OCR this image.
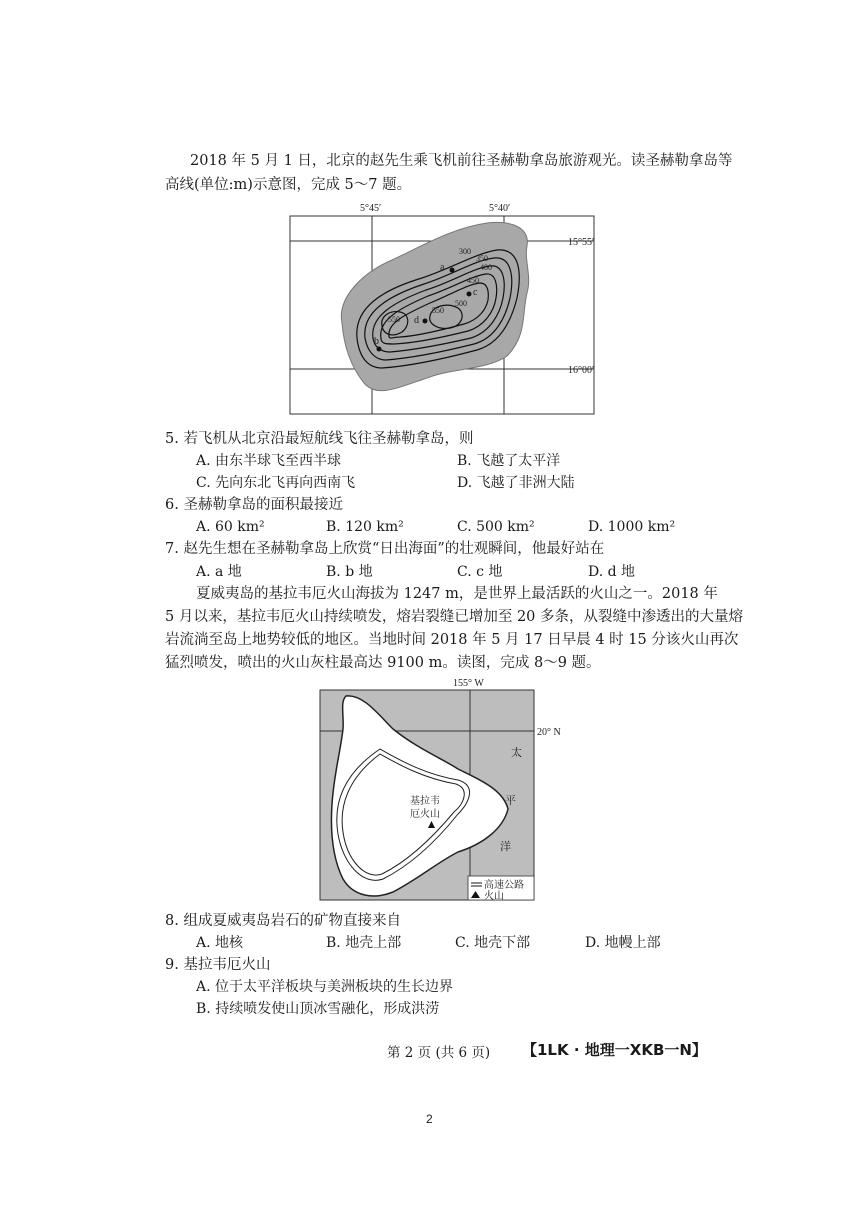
2018 年 5 月 1 日，北京的赵先生乘飞机前往圣赫勒拿岛旅游观光。读圣赫勒拿岛等
高线(单位:m)示意图，完成 5～7 题。
5°45′	5°40′
15°55′
16°00′
300
350
400
450
500
550
550
a
b
c
d
5. 若飞机从北京沿最短航线飞往圣赫勒拿岛，则
A. 由东半球飞至西半球	B. 飞越了太平洋
C. 先向东北飞再向西南飞	D. 飞越了非洲大陆
6. 圣赫勒拿岛的面积最接近
A. 60 km²	B. 120 km²	C. 500 km²	D. 1000 km²
7. 赵先生想在圣赫勒拿岛上欣赏“日出海面”的壮观瞬间，他最好站在
A. a 地	B. b 地	C. c 地	D. d 地
夏威夷岛的基拉韦厄火山海拔为 1247 m，是世界上最活跃的火山之一。2018 年
5 月以来，基拉韦厄火山持续喷发，熔岩裂缝已增加至 20 多条，从裂缝中渗透出的大量熔
岩流淌至岛上地势较低的地区。当地时间 2018 年 5 月 17 日早晨 4 时 15 分该火山再次
猛烈喷发，喷出的火山灰柱最高达 9100 m。读图，完成 8～9 题。
155° W
20° N
太
平
洋
基拉韦
厄火山
高速公路
火山
8. 组成夏威夷岛岩石的矿物直接来自
A. 地核	B. 地壳上部	C. 地壳下部	D. 地幔上部
9. 基拉韦厄火山
A. 位于太平洋板块与美洲板块的生长边界
B. 持续喷发使山顶冰雪融化，形成洪涝
第 2 页 (共 6 页) 【1LK · 地理一XKB一N】
2
